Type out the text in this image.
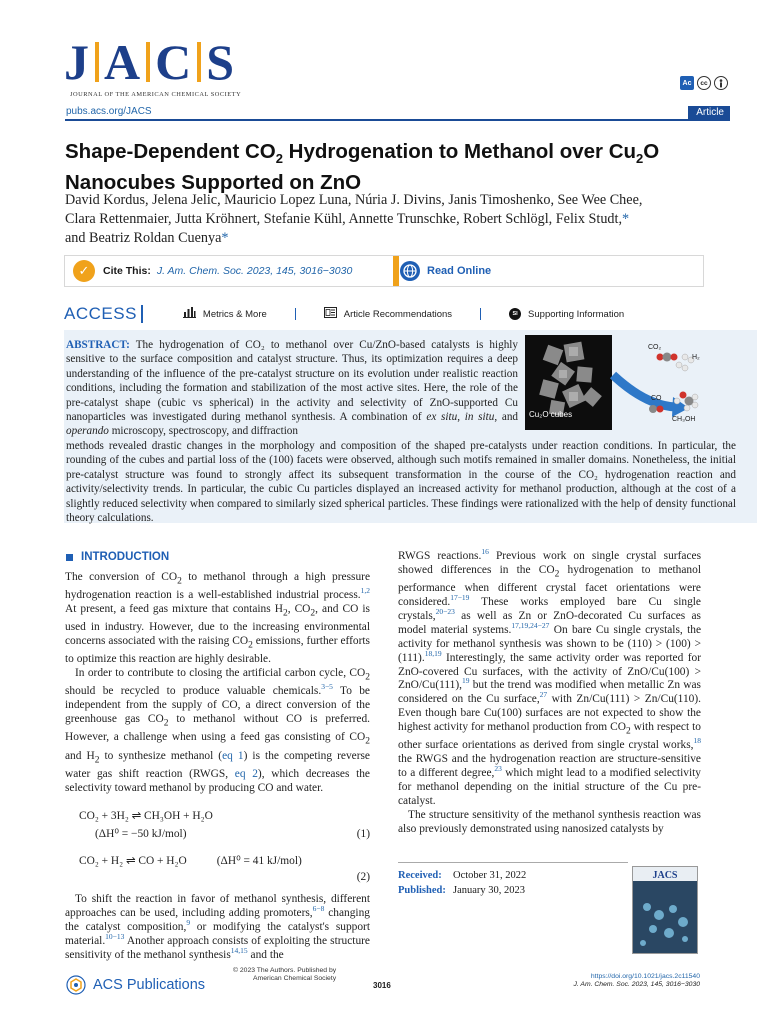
J A C S
JOURNAL OF THE AMERICAN CHEMICAL SOCIETY
Ac	cc
pubs.acs.org/JACS	Article
Shape-Dependent $CO_2$ Hydrogenation to Methanol over $Cu_2O$
Nanocubes Supported on ZnO
David Kordus, Jelena Jelic, Mauricio Lopez Luna, Núria J. Divins, Janis Timoshenko, See Wee Chee,
Clara Rettenmaier, Jutta Kröhnert, Stefanie Kühl, Annette Trunschke, Robert Schlögl, Felix Studt,*
and Beatriz Roldan Cuenya*
✓	Cite This: J. Am. Chem. Soc. 2023, 145, 3016−3030	Read Online
ACCESS	Metrics & More	Article Recommendations	SI	Supporting Information
ABSTRACT: The hydrogenation of CO₂ to methanol over Cu/ZnO-based catalysts is highly sensitive to the surface composition and catalyst structure. Thus, its optimization requires a deep understanding of the influence of the pre-catalyst structure on its evolution under realistic reaction conditions, including the formation and stabilization of the most active sites. Here, the role of the pre-catalyst shape (cubic vs spherical) in the activity and selectivity of ZnO-supported Cu nanoparticles was investigated during methanol synthesis. A combination of ex situ, in situ, and operando microscopy, spectroscopy, and diffraction
methods revealed drastic changes in the morphology and composition of the shaped pre-catalysts under reaction conditions. In particular, the rounding of the cubes and partial loss of the (100) facets were observed, although such motifs remained in smaller domains. Nonetheless, the initial pre-catalyst structure was found to strongly affect its subsequent transformation in the course of the CO₂ hydrogenation reaction and activity/selectivity trends. In particular, the cubic Cu particles displayed an increased activity for methanol production, although at the cost of a slightly reduced selectivity when compared to similarly sized spherical particles. These findings were rationalized with the help of density functional theory calculations.
Cu₂O cubes
CO₂
H₂
CO
CH₃OH
INTRODUCTION

The conversion of $CO_2$ to methanol through a high pressure hydrogenation reaction is a well-established industrial process.$^{1,2}$ At present, a feed gas mixture that contains $H_2$, $CO_2$, and CO is used in industry. However, due to the increasing environmental concerns associated with the raising $CO_2$ emissions, further efforts to optimize this reaction are highly desirable.

In order to contribute to closing the artificial carbon cycle, $CO_2$ should be recycled to produce valuable chemicals.$^{3-5}$ To be independent from the supply of CO, a direct conversion of the greenhouse gas $CO_2$ to methanol without CO is preferred. However, a challenge when using a feed gas consisting of $CO_2$ and $H_2$ to synthesize methanol (eq 1) is the competing reverse water gas shift reaction (RWGS, eq 2), which decreases the selectivity toward methanol by producing CO and water.

CO₂ + 3H₂ ⇌ CH₃OH + H₂O
(ΔH⁰ = −50 kJ/mol)	(1)
CO₂ + H₂ ⇌ CO + H₂O	(ΔH⁰ = 41 kJ/mol)
(2)

To shift the reaction in favor of methanol synthesis, different approaches can be used, including adding promoters,$^{6-8}$ changing the catalyst composition,$^9$ or modifying the catalyst's support material.$^{10-13}$ Another approach consists of exploiting the structure sensitivity of the methanol synthesis$^{14,15}$ and the

RWGS reactions.$^{16}$ Previous work on single crystal surfaces showed differences in the $CO_2$ hydrogenation to methanol performance when different crystal facet orientations were considered.$^{17-19}$ These works employed bare Cu single crystals,$^{20-23}$ as well as Zn or ZnO-decorated Cu surfaces as model material systems.$^{17,19,24-27}$ On bare Cu single crystals, the activity for methanol synthesis was shown to be (110) > (100) > (111).$^{18,19}$ Interestingly, the same activity order was reported for ZnO-covered Cu surfaces, with the activity of ZnO/Cu(100) > ZnO/Cu(111),$^{19}$ but the trend was modified when metallic Zn was considered on the Cu surface,$^{27}$ with Zn/Cu(111) > Zn/Cu(110). Even though bare Cu(100) surfaces are not expected to show the highest activity for methanol production from $CO_2$ with respect to other surface orientations as derived from single crystal works,$^{18}$ the RWGS and the hydrogenation reaction are structure-sensitive to a different degree,$^{23}$ which might lead to a modified selectivity for methanol depending on the initial structure of the Cu pre-catalyst.

The structure sensitivity of the methanol synthesis reaction was also previously demonstrated using nanosized catalysts by

Received: October 31, 2022
Published: January 30, 2023
JACS
ACS Publications
© 2023 The Authors. Published by
American Chemical Society
3016
https://doi.org/10.1021/jacs.2c11540
J. Am. Chem. Soc. 2023, 145, 3016−3030
